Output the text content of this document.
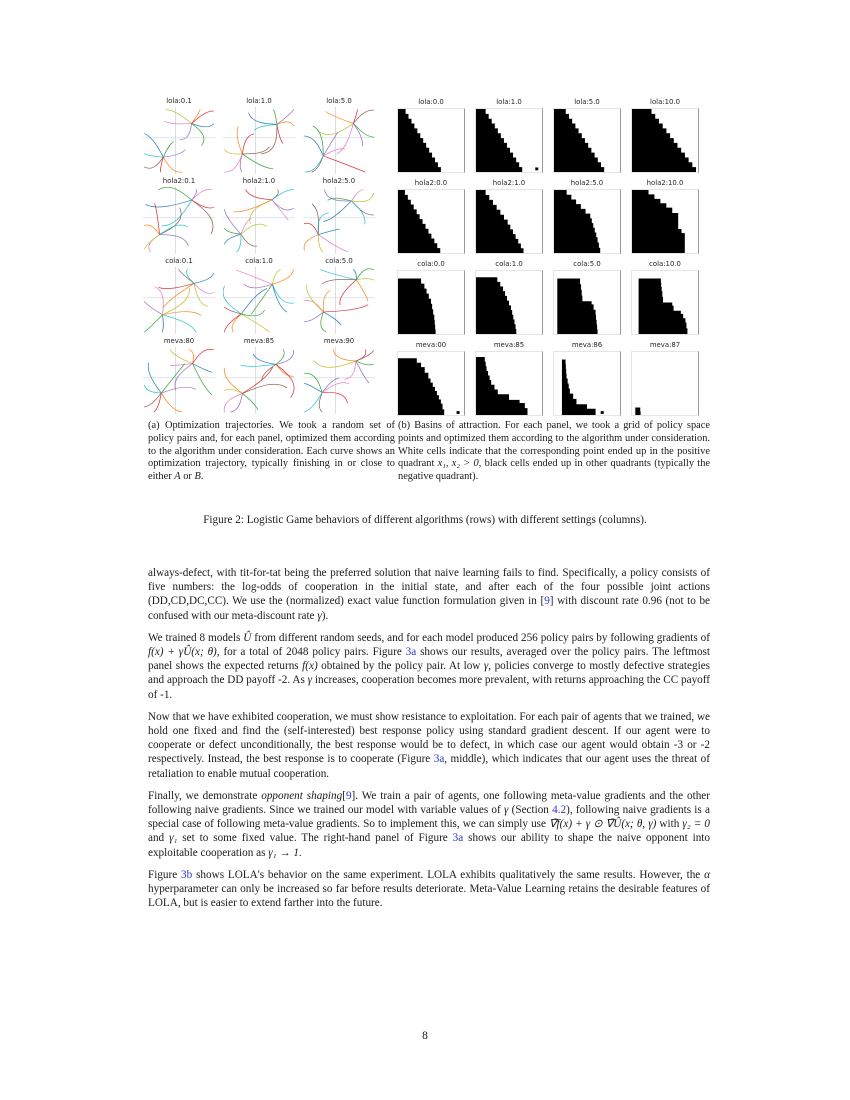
lola:0.1	lola:1.0	lola:5.0
hola2:0.1	hola2:1.0	hola2:5.0
cola:0.1	cola:1.0	cola:5.0
meva:80	meva:85	meva:90
lola:0.0	lola:1.0	lola:5.0	lola:10.0
hola2:0.0	hola2:1.0	hola2:5.0	hola2:10.0
cola:0.0	cola:1.0	cola:5.0	cola:10.0
meva:00	meva:85	meva:86	meva:87
(a) Optimization trajectories. We took a random set of policy pairs and, for each panel, optimized them according to the algorithm under consideration. Each curve shows an optimization trajectory, typically finishing in or close to either A or B.
(b) Basins of attraction. For each panel, we took a grid of policy space points and optimized them according to the algorithm under consideration. White cells indicate that the corresponding point ended up in the positive quadrant x₁, x₂ > 0, black cells ended up in other quadrants (typically the negative quadrant).
Figure 2: Logistic Game behaviors of different algorithms (rows) with different settings (columns).

always-defect, with tit-for-tat being the preferred solution that naive learning fails to find. Specifically, a policy consists of five numbers: the log-odds of cooperation in the initial state, and after each of the four possible joint actions (DD,CD,DC,CC). We use the (normalized) exact value function formulation given in [9] with discount rate 0.96 (not to be confused with our meta-discount rate γ).

We trained 8 models Û from different random seeds, and for each model produced 256 policy pairs by following gradients of f(x) + γÛ(x; θ), for a total of 2048 policy pairs. Figure 3a shows our results, averaged over the policy pairs. The leftmost panel shows the expected returns f(x) obtained by the policy pair. At low γ, policies converge to mostly defective strategies and approach the DD payoff -2. As γ increases, cooperation becomes more prevalent, with returns approaching the CC payoff of -1.

Now that we have exhibited cooperation, we must show resistance to exploitation. For each pair of agents that we trained, we hold one fixed and find the (self-interested) best response policy using standard gradient descent. If our agent were to cooperate or defect unconditionally, the best response would be to defect, in which case our agent would obtain -3 or -2 respectively. Instead, the best response is to cooperate (Figure 3a, middle), which indicates that our agent uses the threat of retaliation to enable mutual cooperation.

Finally, we demonstrate opponent shaping[9]. We train a pair of agents, one following meta-value gradients and the other following naive gradients. Since we trained our model with variable values of γ (Section 4.2), following naive gradients is a special case of following meta-value gradients. So to implement this, we can simply use ∇̄f(x) + γ ⊙ ∇̄Û(x; θ, γ) with γ₂ = 0 and γ₁ set to some fixed value. The right-hand panel of Figure 3a shows our ability to shape the naive opponent into exploitable cooperation as γ₁ → 1.

Figure 3b shows LOLA's behavior on the same experiment. LOLA exhibits qualitatively the same results. However, the α hyperparameter can only be increased so far before results deteriorate. Meta-Value Learning retains the desirable features of LOLA, but is easier to extend farther into the future.

8
